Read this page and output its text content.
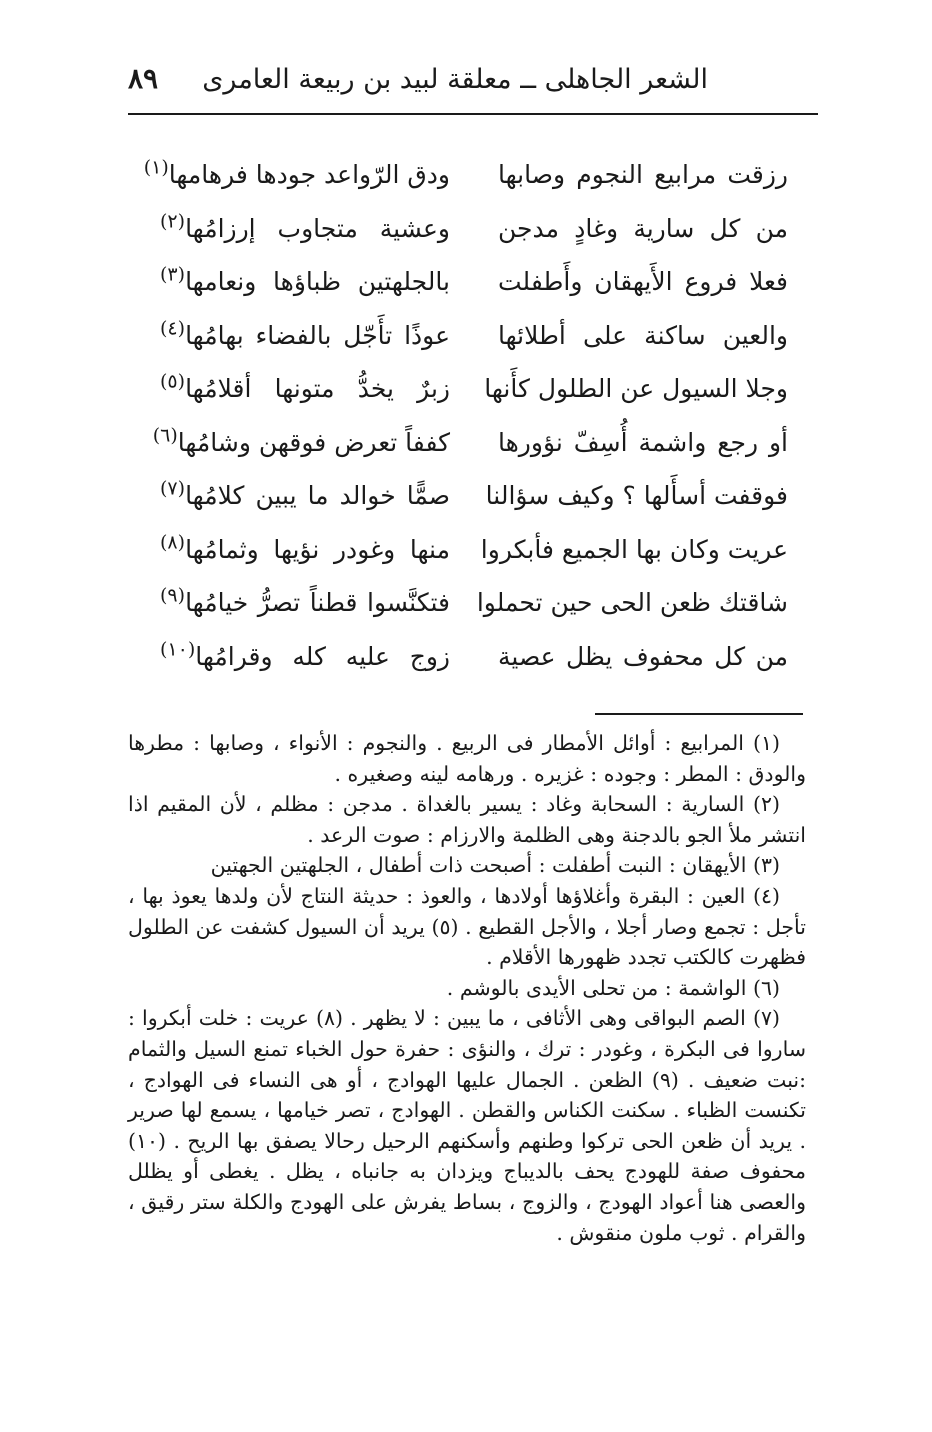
الشعر الجاهلى ــ معلقة لبيد بن ربيعة العامرى
٨٩
رزقت مرابيع النجوم وصابها
ودق الرّواعد جودها فرهامها$^{(١)}$
من كل سارية وغادٍ مدجن
وعشية متجاوب إرزامُها$^{(٢)}$
فعلا فروع الأَيهقان وأَطفلت
بالجلهتين ظباؤها ونعامها$^{(٣)}$
والعين ساكنة على أطلائها
عوذًا تأَجّل بالفضاء بهامُها$^{(٤)}$
وجلا السيول عن الطلول كأَنها
زبرٌ يخدُّ متونها أقلامُها$^{(٥)}$
أو رجع واشمة أُسِفّ نؤورها
كففاً تعرض فوقهن وشامُها$^{(٦)}$
فوقفت أسأَلها ؟ وكيف سؤالنا
صمًّا خوالد ما يبين كلامُها$^{(٧)}$
عريت وكان بها الجميع فأبكروا
منها وغودر نؤيها وثمامُها$^{(٨)}$
شاقتك ظعن الحى حين تحملوا
فتكنَّسوا قطناً تصرُّ خيامُها$^{(٩)}$
من كل محفوف يظل عصية
زوج عليه كله وقرامُها$^{(١٠)}$

(١) المرابيع : أوائل الأمطار فى الربيع . والنجوم : الأنواء ، وصابها : مطرها والودق : المطر : وجوده : غزيره . ورهامه لينه وصغيره .

(٢) السارية : السحابة وغاد : يسير بالغداة . مدجن : مظلم ، لأن المقيم اذا انتشر ملأ الجو بالدجنة وهى الظلمة والارزام : صوت الرعد .

(٣) الأيهقان : النبت أطفلت : أصبحت ذات أطفال ، الجلهتين الجهتين

(٤) العين : البقرة وأغلاؤها أولادها ، والعوذ : حديثة النتاج لأن ولدها يعوذ بها ، تأجل : تجمع وصار أجلا ، والأجل القطيع . (٥) يريد أن السيول كشفت عن الطلول فظهرت كالكتب تجدد ظهورها الأقلام .

(٦) الواشمة : من تحلى الأيدى بالوشم .

(٧) الصم البواقى وهى الأثافى ، ما يبين : لا يظهر . (٨) عريت : خلت أبكروا : ساروا فى البكرة ، وغودر : ترك ، والنؤى : حفرة حول الخباء تمنع السيل والثمام :نبت ضعيف . (٩) الظعن . الجمال عليها الهوادج ، أو هى النساء فى الهوادج ، تكنست الظباء . سكنت الكناس والقطن . الهوادج ، تصر خيامها ، يسمع لها صرير . يريد أن ظعن الحى تركوا وطنهم وأسكنهم الرحيل رحالا يصفق بها الريح . (١٠) محفوف صفة للهودج يحف بالديباج ويزدان به جانباه ، يظل . يغطى أو يظلل والعصى هنا أعواد الهودج ، والزوج ، بساط يفرش على الهودج والكلة ستر رقيق ، والقرام . ثوب ملون منقوش .
